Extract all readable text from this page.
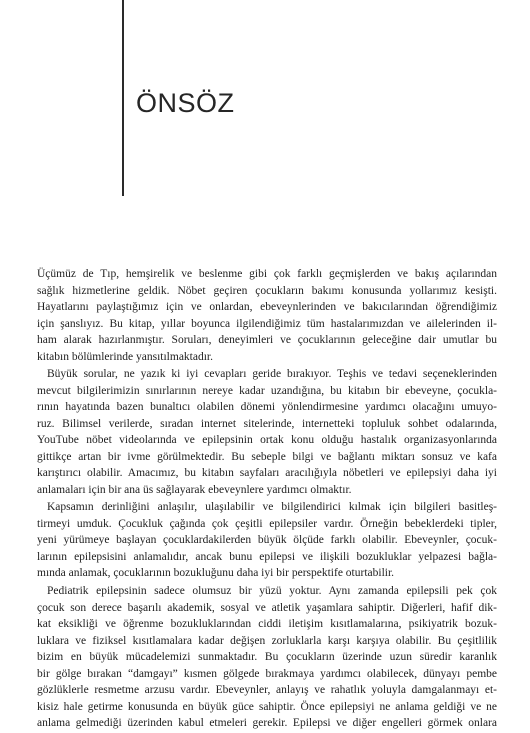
ÖNSÖZ
Üçümüz de Tıp, hemşirelik ve beslenme gibi çok farklı geçmişlerden ve bakış açılarından
sağlık hizmetlerine geldik. Nöbet geçiren çocukların bakımı konusunda yollarımız kesişti.
Hayatlarını paylaştığımız için ve onlardan, ebeveynlerinden ve bakıcılarından öğrendiğimiz
için şanslıyız. Bu kitap, yıllar boyunca ilgilendiğimiz tüm hastalarımızdan ve ailelerinden il-
ham alarak hazırlanmıştır. Soruları, deneyimleri ve çocuklarının geleceğine dair umutlar bu
kitabın bölümlerinde yansıtılmaktadır.
Büyük sorular, ne yazık ki iyi cevapları geride bırakıyor. Teşhis ve tedavi seçeneklerinden
mevcut bilgilerimizin sınırlarının nereye kadar uzandığına, bu kitabın bir ebeveyne, çocukla-
rının hayatında bazen bunaltıcı olabilen dönemi yönlendirmesine yardımcı olacağını umuyo-
ruz. Bilimsel verilerde, sıradan internet sitelerinde, internetteki topluluk sohbet odalarında,
YouTube nöbet videolarında ve epilepsinin ortak konu olduğu hastalık organizasyonlarında
gittikçe artan bir ivme görülmektedir. Bu sebeple bilgi ve bağlantı miktarı sonsuz ve kafa
karıştırıcı olabilir. Amacımız, bu kitabın sayfaları aracılığıyla nöbetleri ve epilepsiyi daha iyi
anlamaları için bir ana üs sağlayarak ebeveynlere yardımcı olmaktır.
Kapsamın derinliğini anlaşılır, ulaşılabilir ve bilgilendirici kılmak için bilgileri basitleş-
tirmeyi umduk. Çocukluk çağında çok çeşitli epilepsiler vardır. Örneğin bebeklerdeki tipler,
yeni yürümeye başlayan çocuklardakilerden büyük ölçüde farklı olabilir. Ebeveynler, çocuk-
larının epilepsisini anlamalıdır, ancak bunu epilepsi ve ilişkili bozukluklar yelpazesi bağla-
mında anlamak, çocuklarının bozukluğunu daha iyi bir perspektife oturtabilir.
Pediatrik epilepsinin sadece olumsuz bir yüzü yoktur. Aynı zamanda epilepsili pek çok
çocuk son derece başarılı akademik, sosyal ve atletik yaşamlara sahiptir. Diğerleri, hafif dik-
kat eksikliği ve öğrenme bozukluklarından ciddi iletişim kısıtlamalarına, psikiyatrik bozuk-
luklara ve fiziksel kısıtlamalara kadar değişen zorluklarla karşı karşıya olabilir. Bu çeşitlilik
bizim en büyük mücadelemizi sunmaktadır. Bu çocukların üzerinde uzun süredir karanlık
bir gölge bırakan “damgayı” kısmen gölgede bırakmaya yardımcı olabilecek, dünyayı pembe
gözlüklerle resmetme arzusu vardır. Ebeveynler, anlayış ve rahatlık yoluyla damgalanmayı et-
kisiz hale getirme konusunda en büyük güce sahiptir. Önce epilepsiyi ne anlama geldiği ve ne
anlama gelmediği üzerinden kabul etmeleri gerekir. Epilepsi ve diğer engelleri görmek onlara
